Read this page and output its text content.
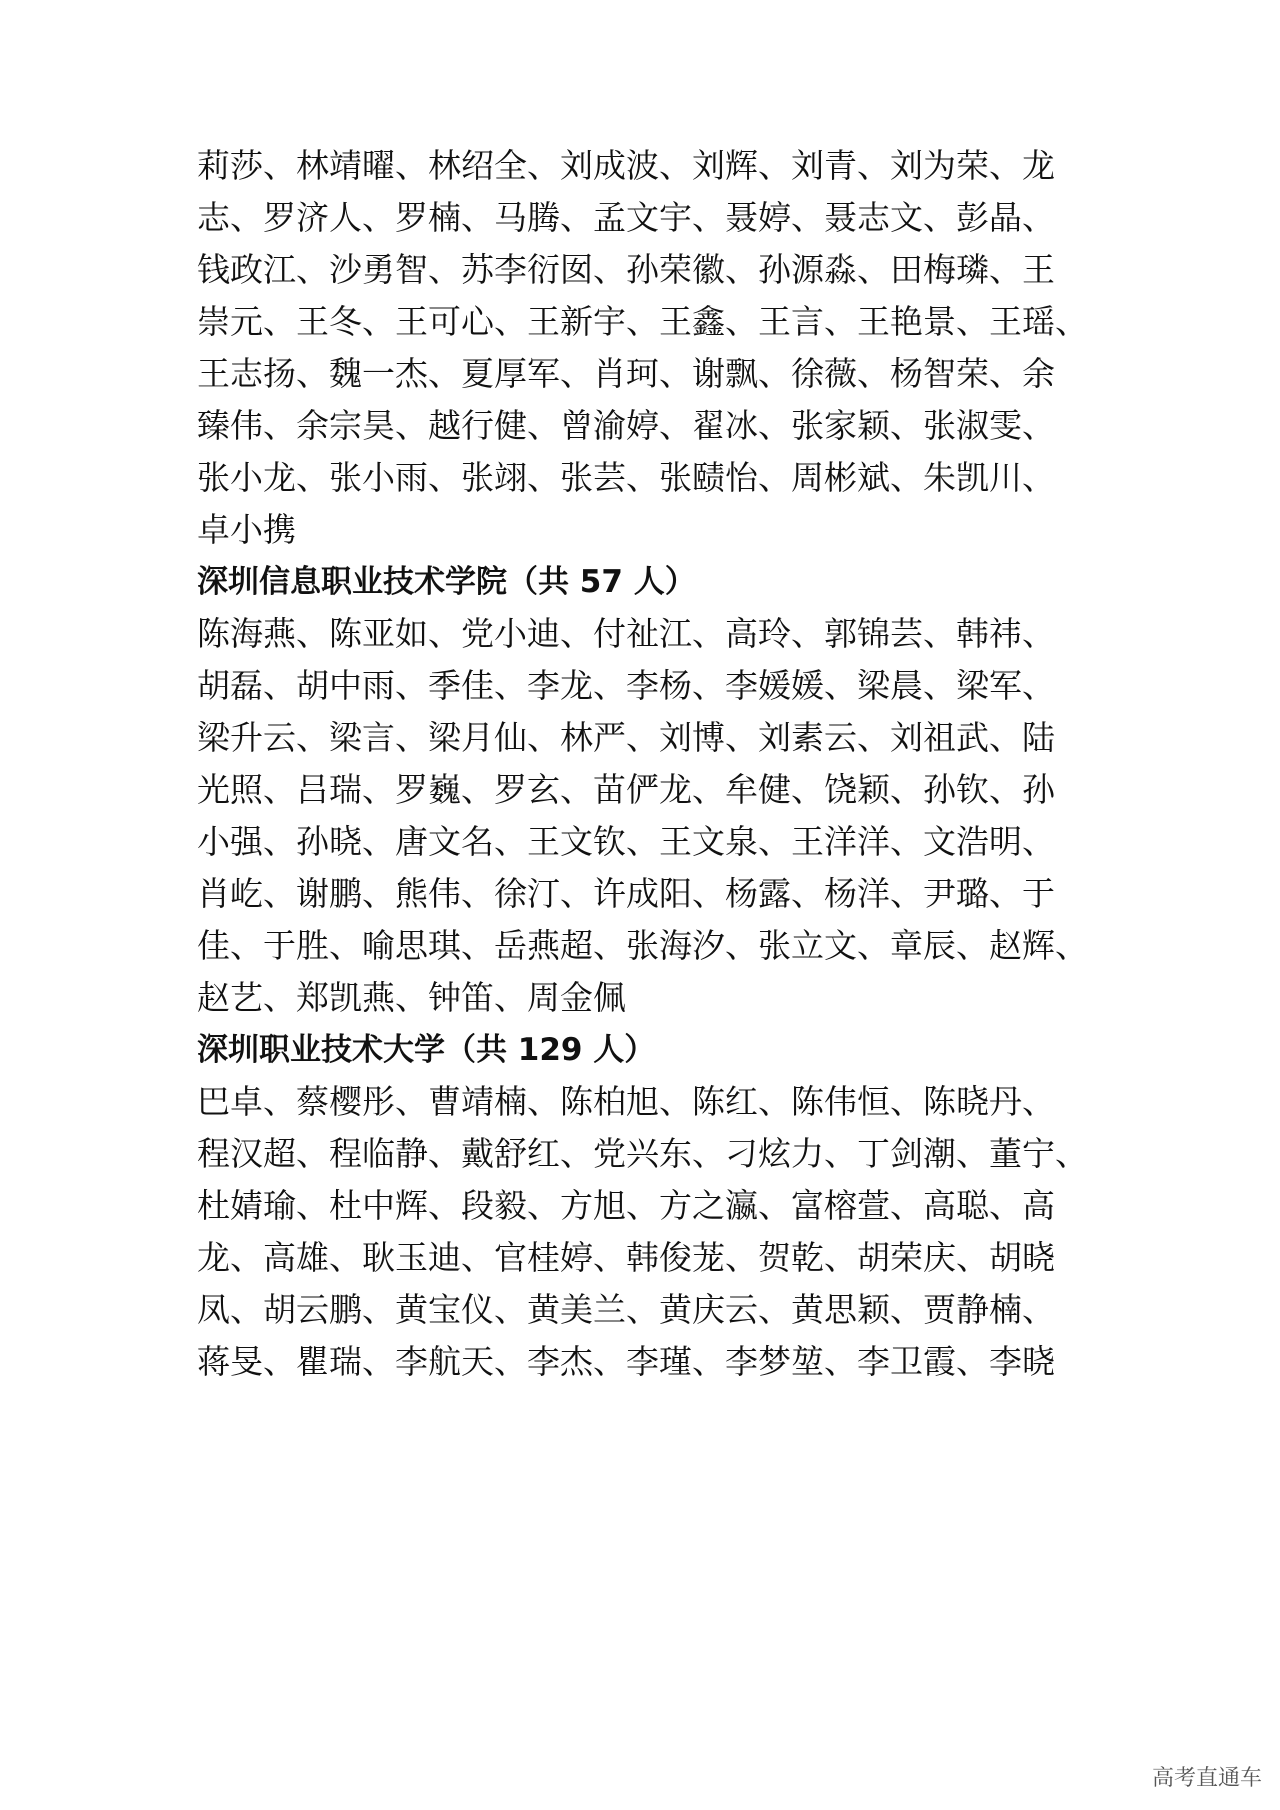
莉莎、林靖曜、林绍全、刘成波、刘辉、刘青、刘为荣、龙
志、罗济人、罗楠、马腾、孟文宇、聂婷、聂志文、彭晶、
钱政江、沙勇智、苏李衍囡、孙荣徽、孙源淼、田梅璘、王
崇元、王冬、王可心、王新宇、王鑫、王言、王艳景、王瑶、
王志扬、魏一杰、夏厚军、肖珂、谢飘、徐薇、杨智荣、余
臻伟、余宗昊、越行健、曾渝婷、翟冰、张家颖、张淑雯、
张小龙、张小雨、张翊、张芸、张赜怡、周彬斌、朱凯川、
卓小携
深圳信息职业技术学院（共 57 人）
陈海燕、陈亚如、党小迪、付祉江、高玲、郭锦芸、韩祎、
胡磊、胡中雨、季佳、李龙、李杨、李媛媛、梁晨、梁军、
梁升云、梁言、梁月仙、林严、刘博、刘素云、刘祖武、陆
光照、吕瑞、罗巍、罗玄、苗俨龙、牟健、饶颖、孙钦、孙
小强、孙晓、唐文名、王文钦、王文泉、王洋洋、文浩明、
肖屹、谢鹏、熊伟、徐汀、许成阳、杨露、杨洋、尹璐、于
佳、于胜、喻思琪、岳燕超、张海汐、张立文、章辰、赵辉、
赵艺、郑凯燕、钟笛、周金佩
深圳职业技术大学（共 129 人）
巴卓、蔡樱彤、曹靖楠、陈柏旭、陈红、陈伟恒、陈晓丹、
程汉超、程临静、戴舒红、党兴东、刁炫力、丁剑潮、董宁、
杜婧瑜、杜中辉、段毅、方旭、方之瀛、富榕萱、高聪、高
龙、高雄、耿玉迪、官桂婷、韩俊茏、贺乾、胡荣庆、胡晓
凤、胡云鹏、黄宝仪、黄美兰、黄庆云、黄思颖、贾静楠、
蒋旻、瞿瑞、李航天、李杰、李瑾、李梦堃、李卫霞、李晓
高考直通车
